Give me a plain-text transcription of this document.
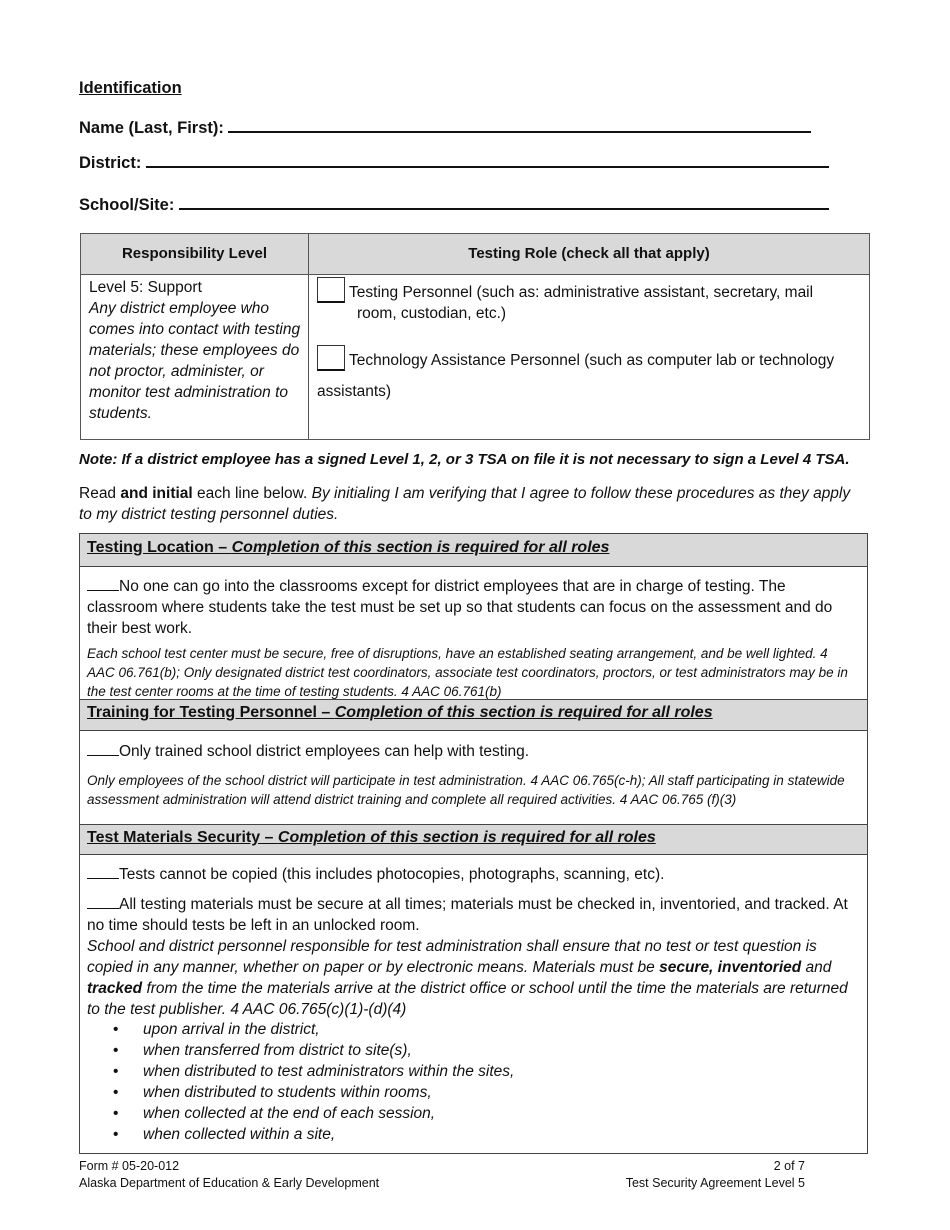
Identification
Name (Last, First):
District:
School/Site:
Responsibility Level	Testing Role (check all that apply)
Level 5: Support
Any district employee who comes into contact with testing materials; these employees do not proctor, administer, or monitor test administration to students.
Testing Personnel (such as: administrative assistant, secretary, mail
room, custodian, etc.)
Technology Assistance Personnel (such as computer lab or technology
assistants)
Note: If a district employee has a signed Level 1, 2, or 3 TSA on file it is not necessary to sign a Level 4 TSA.
Read and initial each line below. By initialing I am verifying that I agree to follow these procedures as they apply to my district testing personnel duties.
Testing Location – Completion of this section is required for all roles
No one can go into the classrooms except for district employees that are in charge of testing. The classroom where students take the test must be set up so that students can focus on the assessment and do their best work.
Each school test center must be secure, free of disruptions, have an established seating arrangement, and be well lighted. 4 AAC 06.761(b); Only designated district test coordinators, associate test coordinators, proctors, or test administrators may be in the test center rooms at the time of testing students. 4 AAC 06.761(b)
Training for Testing Personnel – Completion of this section is required for all roles
Only trained school district employees can help with testing.
Only employees of the school district will participate in test administration. 4 AAC 06.765(c-h); All staff participating in statewide assessment administration will attend district training and complete all required activities. 4 AAC 06.765 (f)(3)
Test Materials Security – Completion of this section is required for all roles
Tests cannot be copied (this includes photocopies, photographs, scanning, etc).
All testing materials must be secure at all times; materials must be checked in, inventoried, and tracked. At no time should tests be left in an unlocked room.
School and district personnel responsible for test administration shall ensure that no test or test question is copied in any manner, whether on paper or by electronic means. Materials must be secure, inventoried and tracked from the time the materials arrive at the district office or school until the time the materials are returned to the test publisher. 4 AAC 06.765(c)(1)-(d)(4)
• upon arrival in the district,
• when transferred from district to site(s),
• when distributed to test administrators within the sites,
• when distributed to students within rooms,
• when collected at the end of each session,
• when collected within a site,
Form # 05-20-012
Alaska Department of Education & Early Development
2 of 7
Test Security Agreement Level 5
